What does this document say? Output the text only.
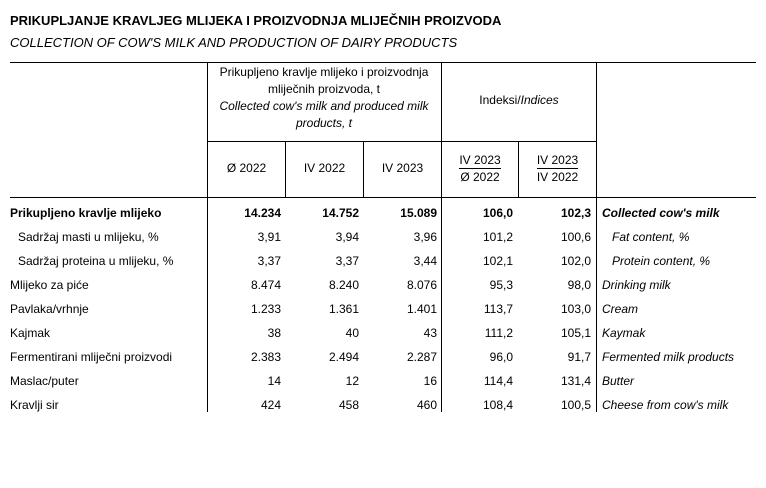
PRIKUPLJANJE KRAVLJEG MLIJEKA I PROIZVODNJA MLIJEČNIH PROIZVODA
COLLECTION OF COW'S MILK AND PRODUCTION OF DAIRY PRODUCTS
Prikupljeno kravlje mlijeko i proizvodnja mliječnih proizvoda, t
Collected cow's milk and produced milk products, t
Indeksi/Indices
Ø 2022	IV 2022	IV 2023	$\frac{IV 2023}{Ø 2022} \frac{IV 2023}{IV 2022}$
Prikupljeno kravlje mlijeko	14.234	14.752	15.089	106,0	102,3 Collected cow's milk
Sadržaj masti u mlijeku, %	3,91	3,94	3,96	101,2	100,6 Fat content, %
Sadržaj proteina u mlijeku, %	3,37	3,37	3,44	102,1	102,0 Protein content, %
Mlijeko za piće	8.474	8.240	8.076	95,3	98,0 Drinking milk
Pavlaka/vrhnje	1.233	1.361	1.401	113,7	103,0 Cream
Kajmak	38	40	43	111,2	105,1 Kaymak
Fermentirani mliječni proizvodi	2.383	2.494	2.287	96,0	91,7 Fermented milk products
Maslac/puter	14	12	16	114,4	131,4 Butter
Kravlji sir	424	458	460	108,4	100,5 Cheese from cow's milk
